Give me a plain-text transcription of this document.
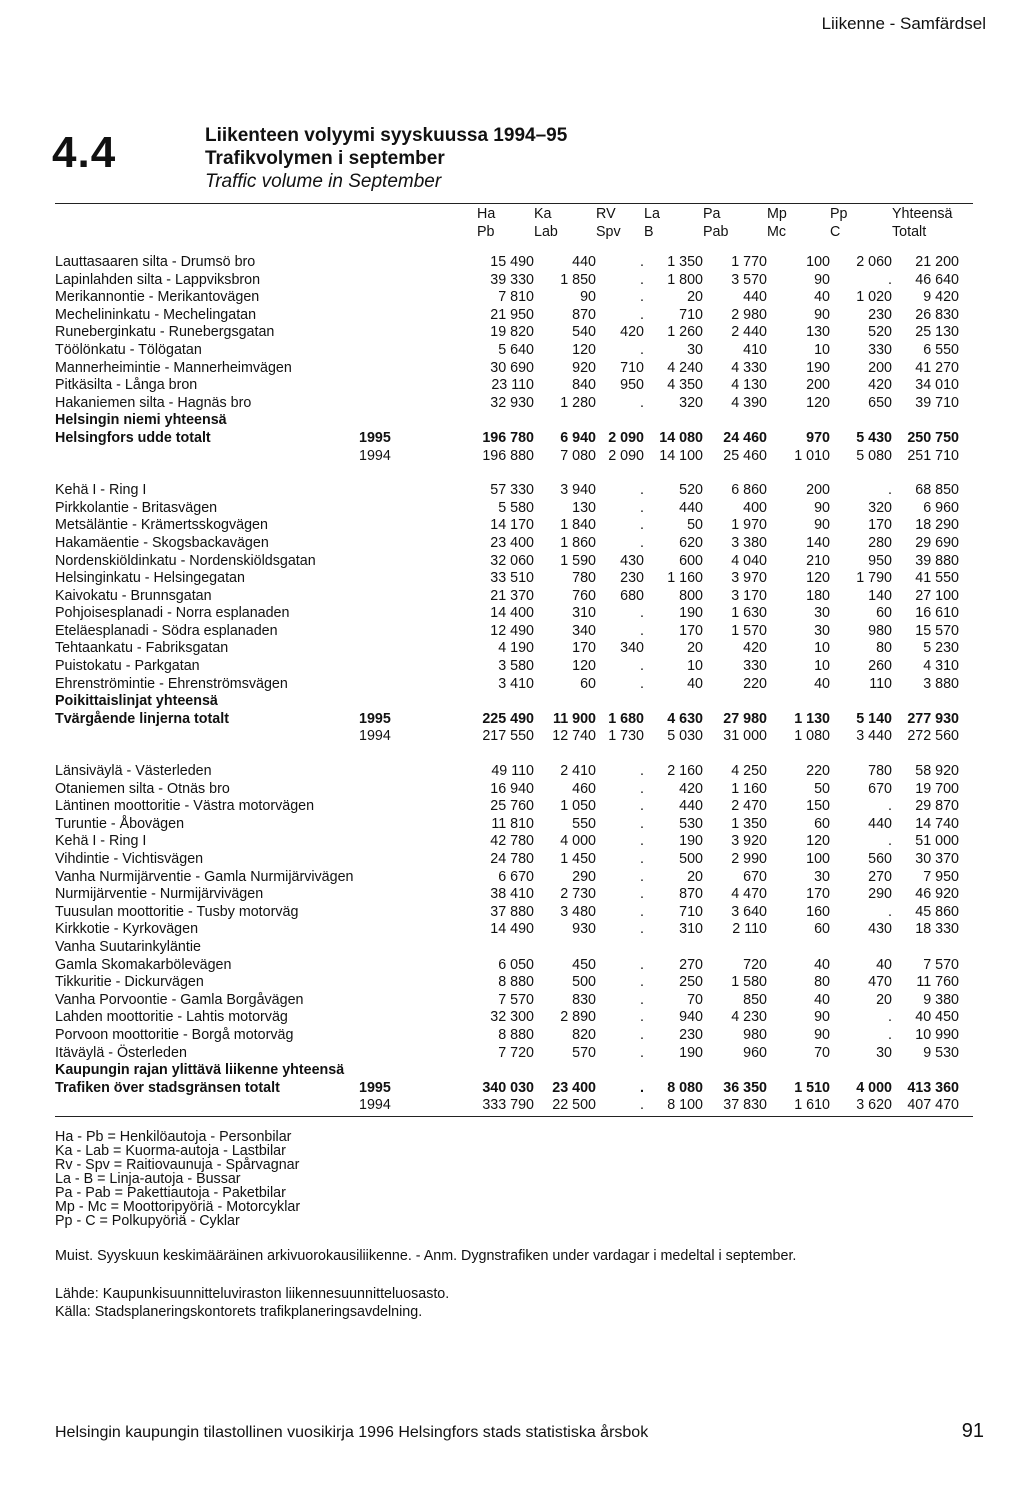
Liikenne - Samfärdsel
4.4	Liikenteen volyymi syyskuussa 1994–95
Trafikvolymen i september
Traffic volume in September
		Ha	Ka	RV	La	Pa	Mp	Pp	Yhteensä
		Pb	Lab	Spv	B	Pab	Mc	C	Totalt

Lauttasaaren silta - Drumsö bro		15 490	440	.	1 350	1 770	100	2 060	21 200
Lapinlahden silta - Lappviksbron		39 330	1 850	.	1 800	3 570	90	.	46 640
Merikannontie - Merikantovägen		7 810	90	.	20	440	40	1 020	9 420
Mechelininkatu - Mechelingatan		21 950	870	.	710	2 980	90	230	26 830
Runeberginkatu - Runebergsgatan		19 820	540	420	1 260	2 440	130	520	25 130
Töölönkatu - Tölögatan		5 640	120	.	30	410	10	330	6 550
Mannerheimintie - Mannerheimvägen		30 690	920	710	4 240	4 330	190	200	41 270
Pitkäsilta - Långa bron		23 110	840	950	4 350	4 130	200	420	34 010
Hakaniemen silta - Hagnäs bro		32 930	1 280	.	320	4 390	120	650	39 710
Helsingin niemi yhteensä									
Helsingfors udde totalt	1995	196 780	6 940	2 090	14 080	24 460	970	5 430	250 750
	1994	196 880	7 080	2 090	14 100	25 460	1 010	5 080	251 710

Kehä I - Ring I		57 330	3 940	.	520	6 860	200	.	68 850
Pirkkolantie - Britasvägen		5 580	130	.	440	400	90	320	6 960
Metsäläntie - Krämertsskogvägen		14 170	1 840	.	50	1 970	90	170	18 290
Hakamäentie - Skogsbackavägen		23 400	1 860	.	620	3 380	140	280	29 690
Nordenskiöldinkatu - Nordenskiöldsgatan		32 060	1 590	430	600	4 040	210	950	39 880
Helsinginkatu - Helsingegatan		33 510	780	230	1 160	3 970	120	1 790	41 550
Kaivokatu - Brunnsgatan		21 370	760	680	800	3 170	180	140	27 100
Pohjoisesplanadi - Norra esplanaden		14 400	310	.	190	1 630	30	60	16 610
Eteläesplanadi - Södra esplanaden		12 490	340	.	170	1 570	30	980	15 570
Tehtaankatu - Fabriksgatan		4 190	170	340	20	420	10	80	5 230
Puistokatu - Parkgatan		3 580	120	.	10	330	10	260	4 310
Ehrenströmintie - Ehrenströmsvägen		3 410	60	.	40	220	40	110	3 880
Poikittaislinjat yhteensä									
Tvärgående linjerna totalt	1995	225 490	11 900	1 680	4 630	27 980	1 130	5 140	277 930
	1994	217 550	12 740	1 730	5 030	31 000	1 080	3 440	272 560

Länsiväylä - Västerleden		49 110	2 410	.	2 160	4 250	220	780	58 920
Otaniemen silta - Otnäs bro		16 940	460	.	420	1 160	50	670	19 700
Läntinen moottoritie - Västra motorvägen		25 760	1 050	.	440	2 470	150	.	29 870
Turuntie - Åbovägen		11 810	550	.	530	1 350	60	440	14 740
Kehä I - Ring I		42 780	4 000	.	190	3 920	120	.	51 000
Vihdintie - Vichtisvägen		24 780	1 450	.	500	2 990	100	560	30 370
Vanha Nurmijärventie - Gamla Nurmijärvivägen		6 670	290	.	20	670	30	270	7 950
Nurmijärventie - Nurmijärvivägen		38 410	2 730	.	870	4 470	170	290	46 920
Tuusulan moottoritie - Tusby motorväg		37 880	3 480	.	710	3 640	160	.	45 860
Kirkkotie - Kyrkovägen		14 490	930	.	310	2 110	60	430	18 330
Vanha Suutarinkyläntie									
Gamla Skomakarbölevägen		6 050	450	.	270	720	40	40	7 570
Tikkuritie - Dickurvägen		8 880	500	.	250	1 580	80	470	11 760
Vanha Porvoontie - Gamla Borgåvägen		7 570	830	.	70	850	40	20	9 380
Lahden moottoritie - Lahtis motorväg		32 300	2 890	.	940	4 230	90	.	40 450
Porvoon moottoritie - Borgå motorväg		8 880	820	.	230	980	90	.	10 990
Itäväylä - Österleden		7 720	570	.	190	960	70	30	9 530
Kaupungin rajan ylittävä liikenne yhteensä									
Trafiken över stadsgränsen totalt	1995	340 030	23 400	.	8 080	36 350	1 510	4 000	413 360
	1994	333 790	22 500	.	8 100	37 830	1 610	3 620	407 470
Ha - Pb = Henkilöautoja - Personbilar
Ka - Lab = Kuorma-autoja - Lastbilar
Rv - Spv = Raitiovaunuja - Spårvagnar
La - B = Linja-autoja - Bussar
Pa - Pab = Pakettiautoja - Paketbilar
Mp - Mc = Moottoripyöriä - Motorcyklar
Pp - C = Polkupyöriä - Cyklar
Muist. Syyskuun keskimääräinen arkivuorokausiliikenne. - Anm. Dygnstrafiken under vardagar i medeltal i september.
Lähde: Kaupunkisuunnitteluviraston liikennesuunnitteluosasto.
Källa: Stadsplaneringskontorets trafikplaneringsavdelning.
Helsingin kaupungin tilastollinen vuosikirja 1996 Helsingfors stads statistiska årsbok	91
